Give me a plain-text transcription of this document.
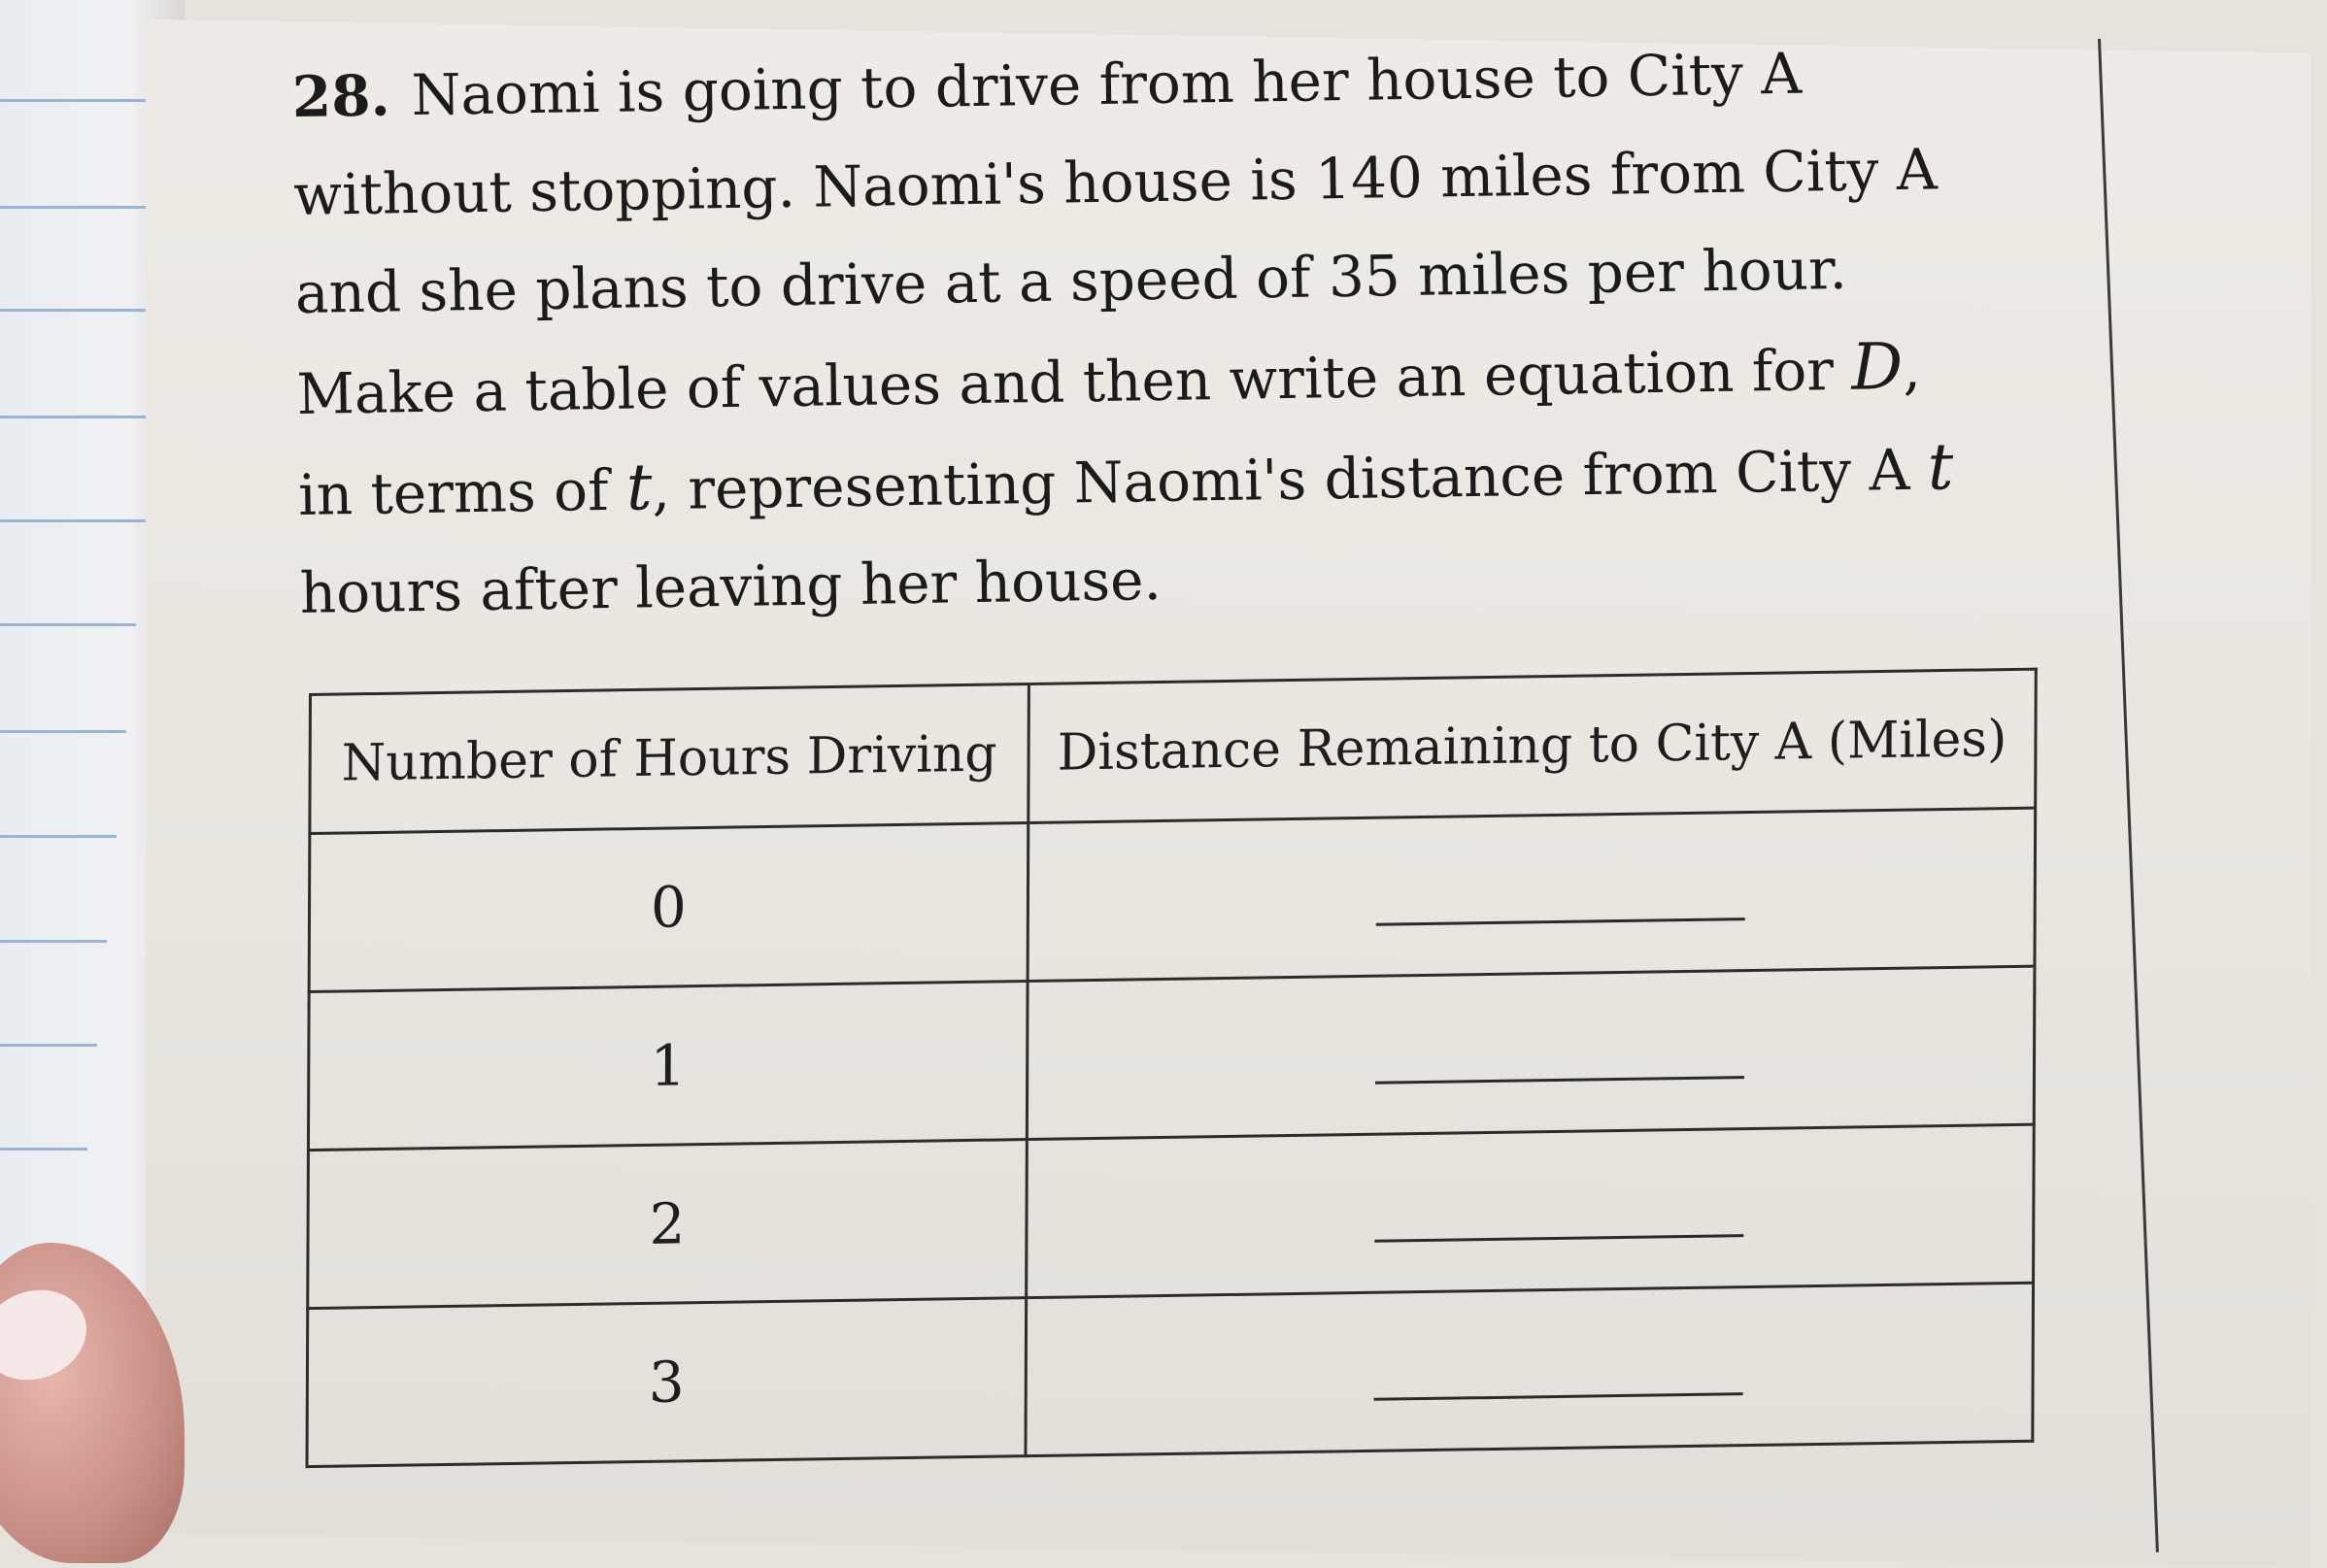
28. Naomi is going to drive from her house to City A
without stopping. Naomi's house is 140 miles from City A
and she plans to drive at a speed of 35 miles per hour.
Make a table of values and then write an equation for D,
in terms of t, representing Naomi's distance from City A t
hours after leaving her house.
Number of Hours Driving	Distance Remaining to City A (Miles)
0	
1	
2	
3	
